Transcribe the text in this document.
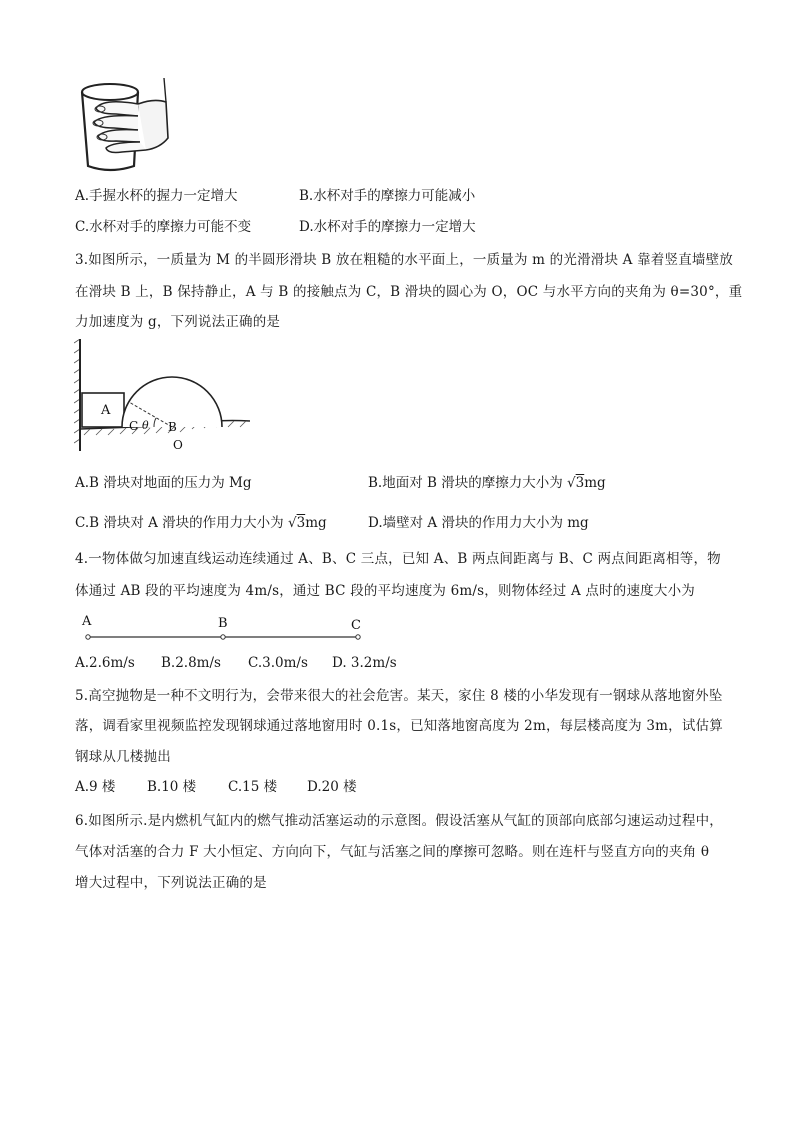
A.手握水杯的握力一定增大	B.水杯对手的摩擦力可能减小
C.水杯对手的摩擦力可能不变	D.水杯对手的摩擦力一定增大
3.如图所示，一质量为 M 的半圆形滑块 B 放在粗糙的水平面上，一质量为 m 的光滑滑块 A 靠着竖直墙壁放
在滑块 B 上，B 保持静止，A 与 B 的接触点为 C，B 滑块的圆心为 O，OC 与水平方向的夹角为 θ=30°，重
力加速度为 g，下列说法正确的是
A
C B
θ
O
A.B 滑块对地面的压力为 Mg	B.地面对 B 滑块的摩擦力大小为 √3mg
C.B 滑块对 A 滑块的作用力大小为 √3mg	D.墙壁对 A 滑块的作用力大小为 mg
4.一物体做匀加速直线运动连续通过 A、B、C 三点，已知 A、B 两点间距离与 B、C 两点间距离相等，物
体通过 AB 段的平均速度为 4m/s，通过 BC 段的平均速度为 6m/s，则物体经过 A 点时的速度大小为
A	B	C
A.2.6m/s B.2.8m/s C.3.0m/s D. 3.2m/s
5.高空抛物是一种不文明行为，会带来很大的社会危害。某天，家住 8 楼的小华发现有一钢球从落地窗外坠
落，调看家里视频监控发现钢球通过落地窗用时 0.1s，已知落地窗高度为 2m，每层楼高度为 3m，试估算
钢球从几楼抛出
A.9 楼 B.10 楼 C.15 楼 D.20 楼
6.如图所示.是内燃机气缸内的燃气推动活塞运动的示意图。假设活塞从气缸的顶部向底部匀速运动过程中，
气体对活塞的合力 F 大小恒定、方向向下，气缸与活塞之间的摩擦可忽略。则在连杆与竖直方向的夹角 θ
增大过程中，下列说法正确的是
